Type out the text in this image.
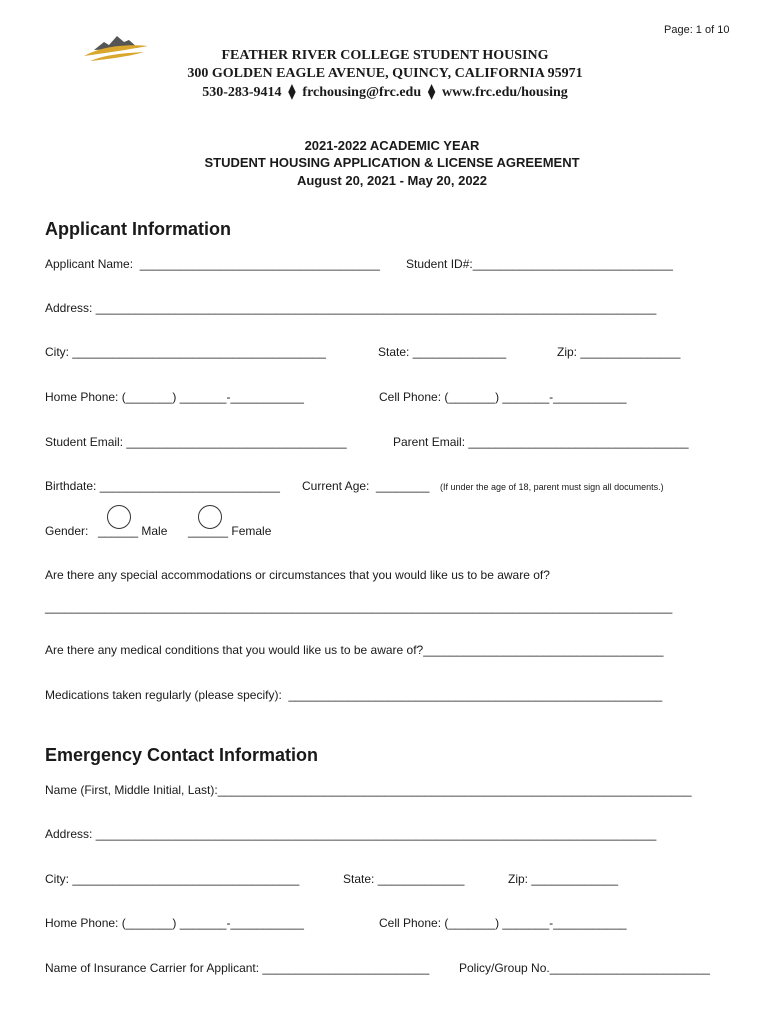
Page: 1 of 10
FEATHER RIVER COLLEGE STUDENT HOUSING
300 GOLDEN EAGLE AVENUE, QUINCY, CALIFORNIA 95971
530-283-9414  ⧫  frchousing@frc.edu  ⧫  www.frc.edu/housing
2021-2022 ACADEMIC YEAR
STUDENT HOUSING APPLICATION & LICENSE AGREEMENT
August 20, 2021 - May 20, 2022
Applicant Information
Applicant Name:  ____________________________________ Student ID#:______________________________
Address: ____________________________________________________________________________________
City: ______________________________________	State: ______________	Zip: _______________
Home Phone: (_______) _______-___________	Cell Phone: (_______) _______-___________
Student Email: _________________________________	Parent Email: _________________________________
Birthdate: ___________________________ Current Age:  ________ (If under the age of 18, parent must sign all documents.)
Gender: ______ Male ______ Female
Are there any special accommodations or circumstances that you would like us to be aware of?
______________________________________________________________________________________________
Are there any medical conditions that you would like us to be aware of?____________________________________
Medications taken regularly (please specify):  ________________________________________________________
Emergency Contact Information
Name (First, Middle Initial, Last):_______________________________________________________________________
Address: ____________________________________________________________________________________
City: __________________________________	State: _____________	Zip: _____________
Home Phone: (_______) _______-___________	Cell Phone: (_______) _______-___________
Name of Insurance Carrier for Applicant: _________________________ Policy/Group No.________________________
